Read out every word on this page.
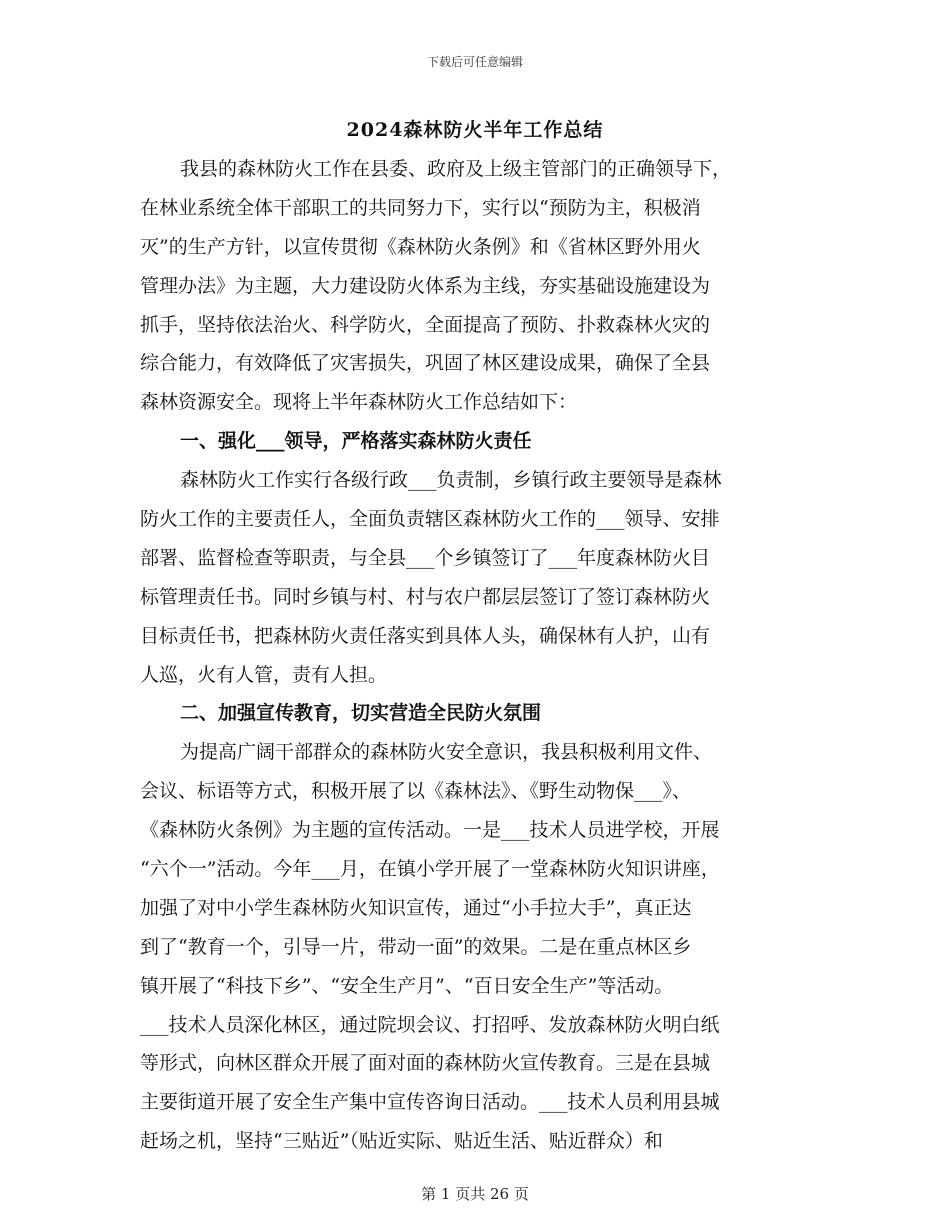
下载后可任意编辑
2024森林防火半年工作总结
我县的森林防火工作在县委、政府及上级主管部门的正确领导下，
在林业系统全体干部职工的共同努力下，实行以“预防为主，积极消
灭”的生产方针，以宣传贯彻《森林防火条例》和《省林区野外用火
管理办法》为主题，大力建设防火体系为主线，夯实基础设施建设为
抓手，坚持依法治火、科学防火，全面提高了预防、扑救森林火灾的
综合能力，有效降低了灾害损失，巩固了林区建设成果，确保了全县
森林资源安全。现将上半年森林防火工作总结如下：
一、强化___领导，严格落实森林防火责任
森林防火工作实行各级行政___负责制，乡镇行政主要领导是森林
防火工作的主要责任人，全面负责辖区森林防火工作的___领导、安排
部署、监督检查等职责，与全县___个乡镇签订了___年度森林防火目
标管理责任书。同时乡镇与村、村与农户都层层签订了签订森林防火
目标责任书，把森林防火责任落实到具体人头，确保林有人护，山有
人巡，火有人管，责有人担。
二、加强宣传教育，切实营造全民防火氛围
为提高广阔干部群众的森林防火安全意识，我县积极利用文件、
会议、标语等方式，积极开展了以《森林法》、《野生动物保___》、
《森林防火条例》为主题的宣传活动。一是___技术人员进学校，开展
“六个一”活动。今年___月，在镇小学开展了一堂森林防火知识讲座，
加强了对中小学生森林防火知识宣传，通过“小手拉大手”，真正达
到了“教育一个，引导一片，带动一面”的效果。二是在重点林区乡
镇开展了“科技下乡”、“安全生产月”、“百日安全生产”等活动。
___技术人员深化林区，通过院坝会议、打招呼、发放森林防火明白纸
等形式，向林区群众开展了面对面的森林防火宣传教育。三是在县城
主要街道开展了安全生产集中宣传咨询日活动。___技术人员利用县城
赶场之机，坚持“三贴近”（贴近实际、贴近生活、贴近群众）和
第 1 页共 26 页
